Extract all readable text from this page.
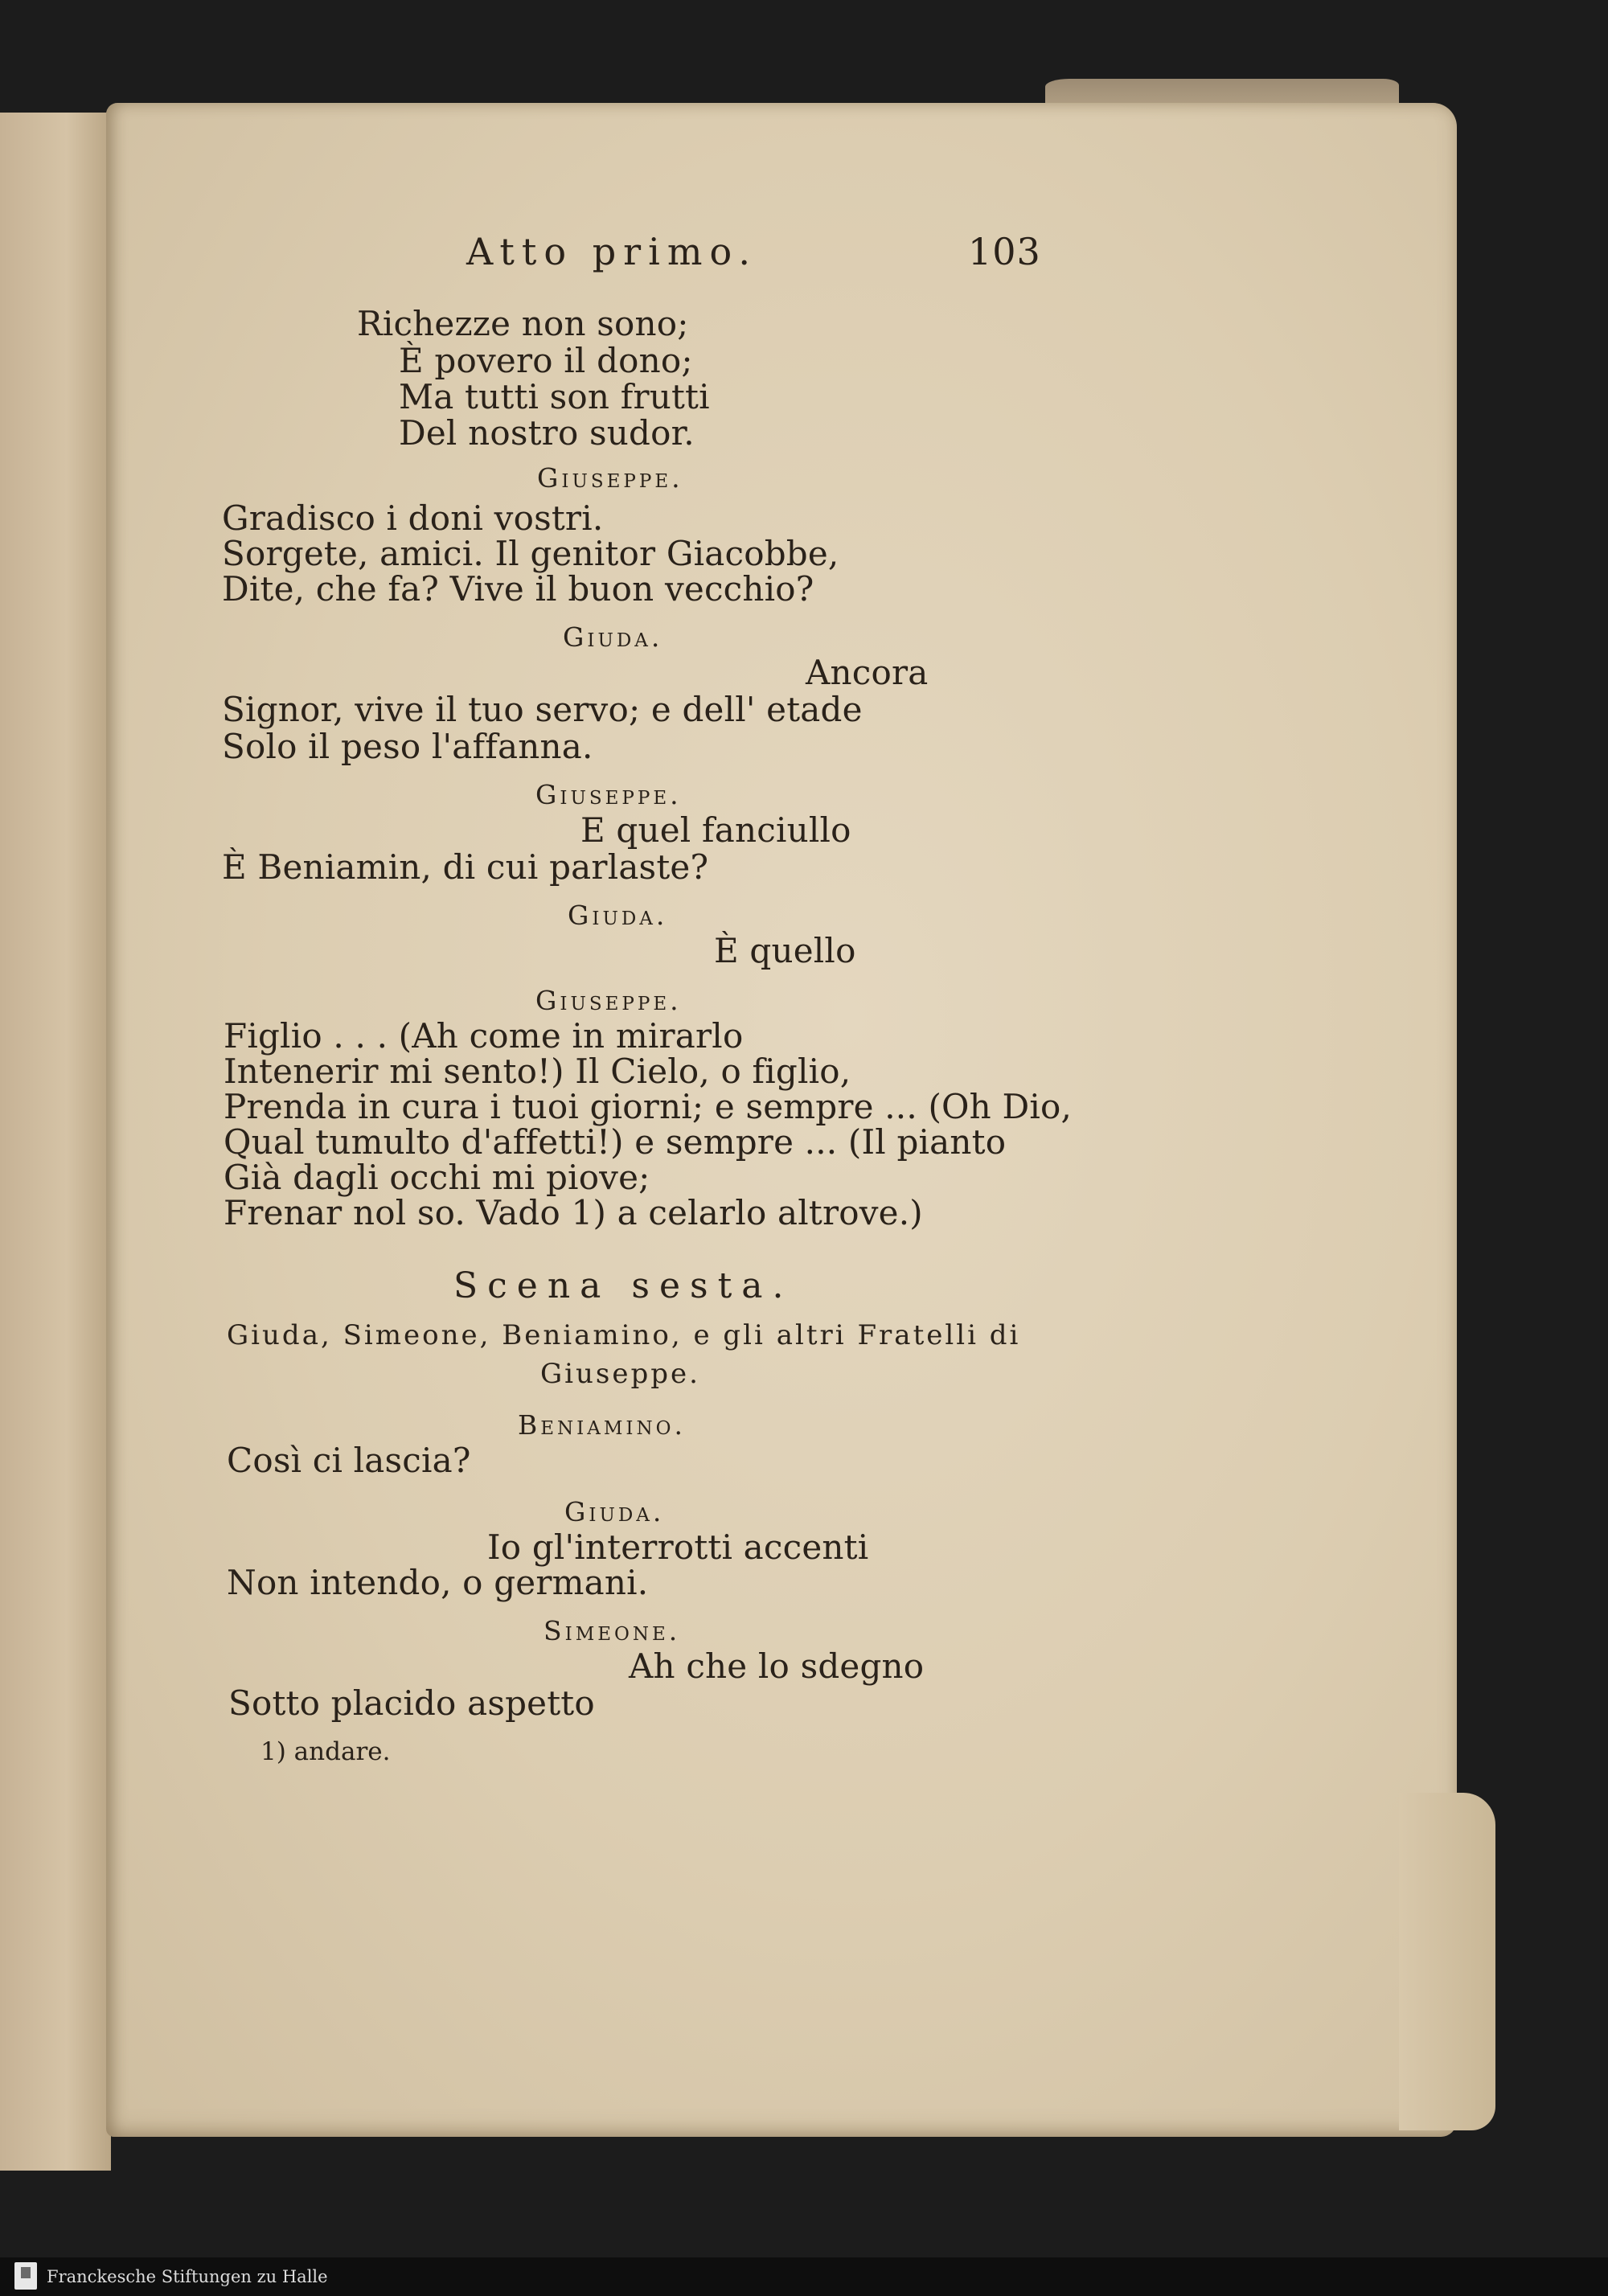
Atto primo.	103
Richezze non sono;
È povero il dono;
Ma tutti son frutti
Del nostro sudor.
Giuseppe.
Gradisco i doni vostri.
Sorgete, amici. Il genitor Giacobbe,
Dite, che fa? Vive il buon vecchio?
Giuda.
Ancora
Signor, vive il tuo servo; e dell' etade
Solo il peso l'affanna.
Giuseppe.
E quel fanciullo
È Beniamin, di cui parlaste?
Giuda.
È quello
Giuseppe.
Figlio . . . (Ah come in mirarlo
Intenerir mi sento!) Il Cielo, o figlio,
Prenda in cura i tuoi giorni; e sempre ... (Oh Dio,
Qual tumulto d'affetti!) e sempre ... (Il pianto
Già dagli occhi mi piove;
Frenar nol so. Vado 1) a celarlo altrove.)
Scena sesta.
Giuda, Simeone, Beniamino, e gli altri Fratelli di
Giuseppe.
Beniamino.
Così ci lascia?
Giuda.
Io gl'interrotti accenti
Non intendo, o germani.
Simeone.
Ah che lo sdegno
Sotto placido aspetto
1) andare.
Franckesche Stiftungen zu Halle
